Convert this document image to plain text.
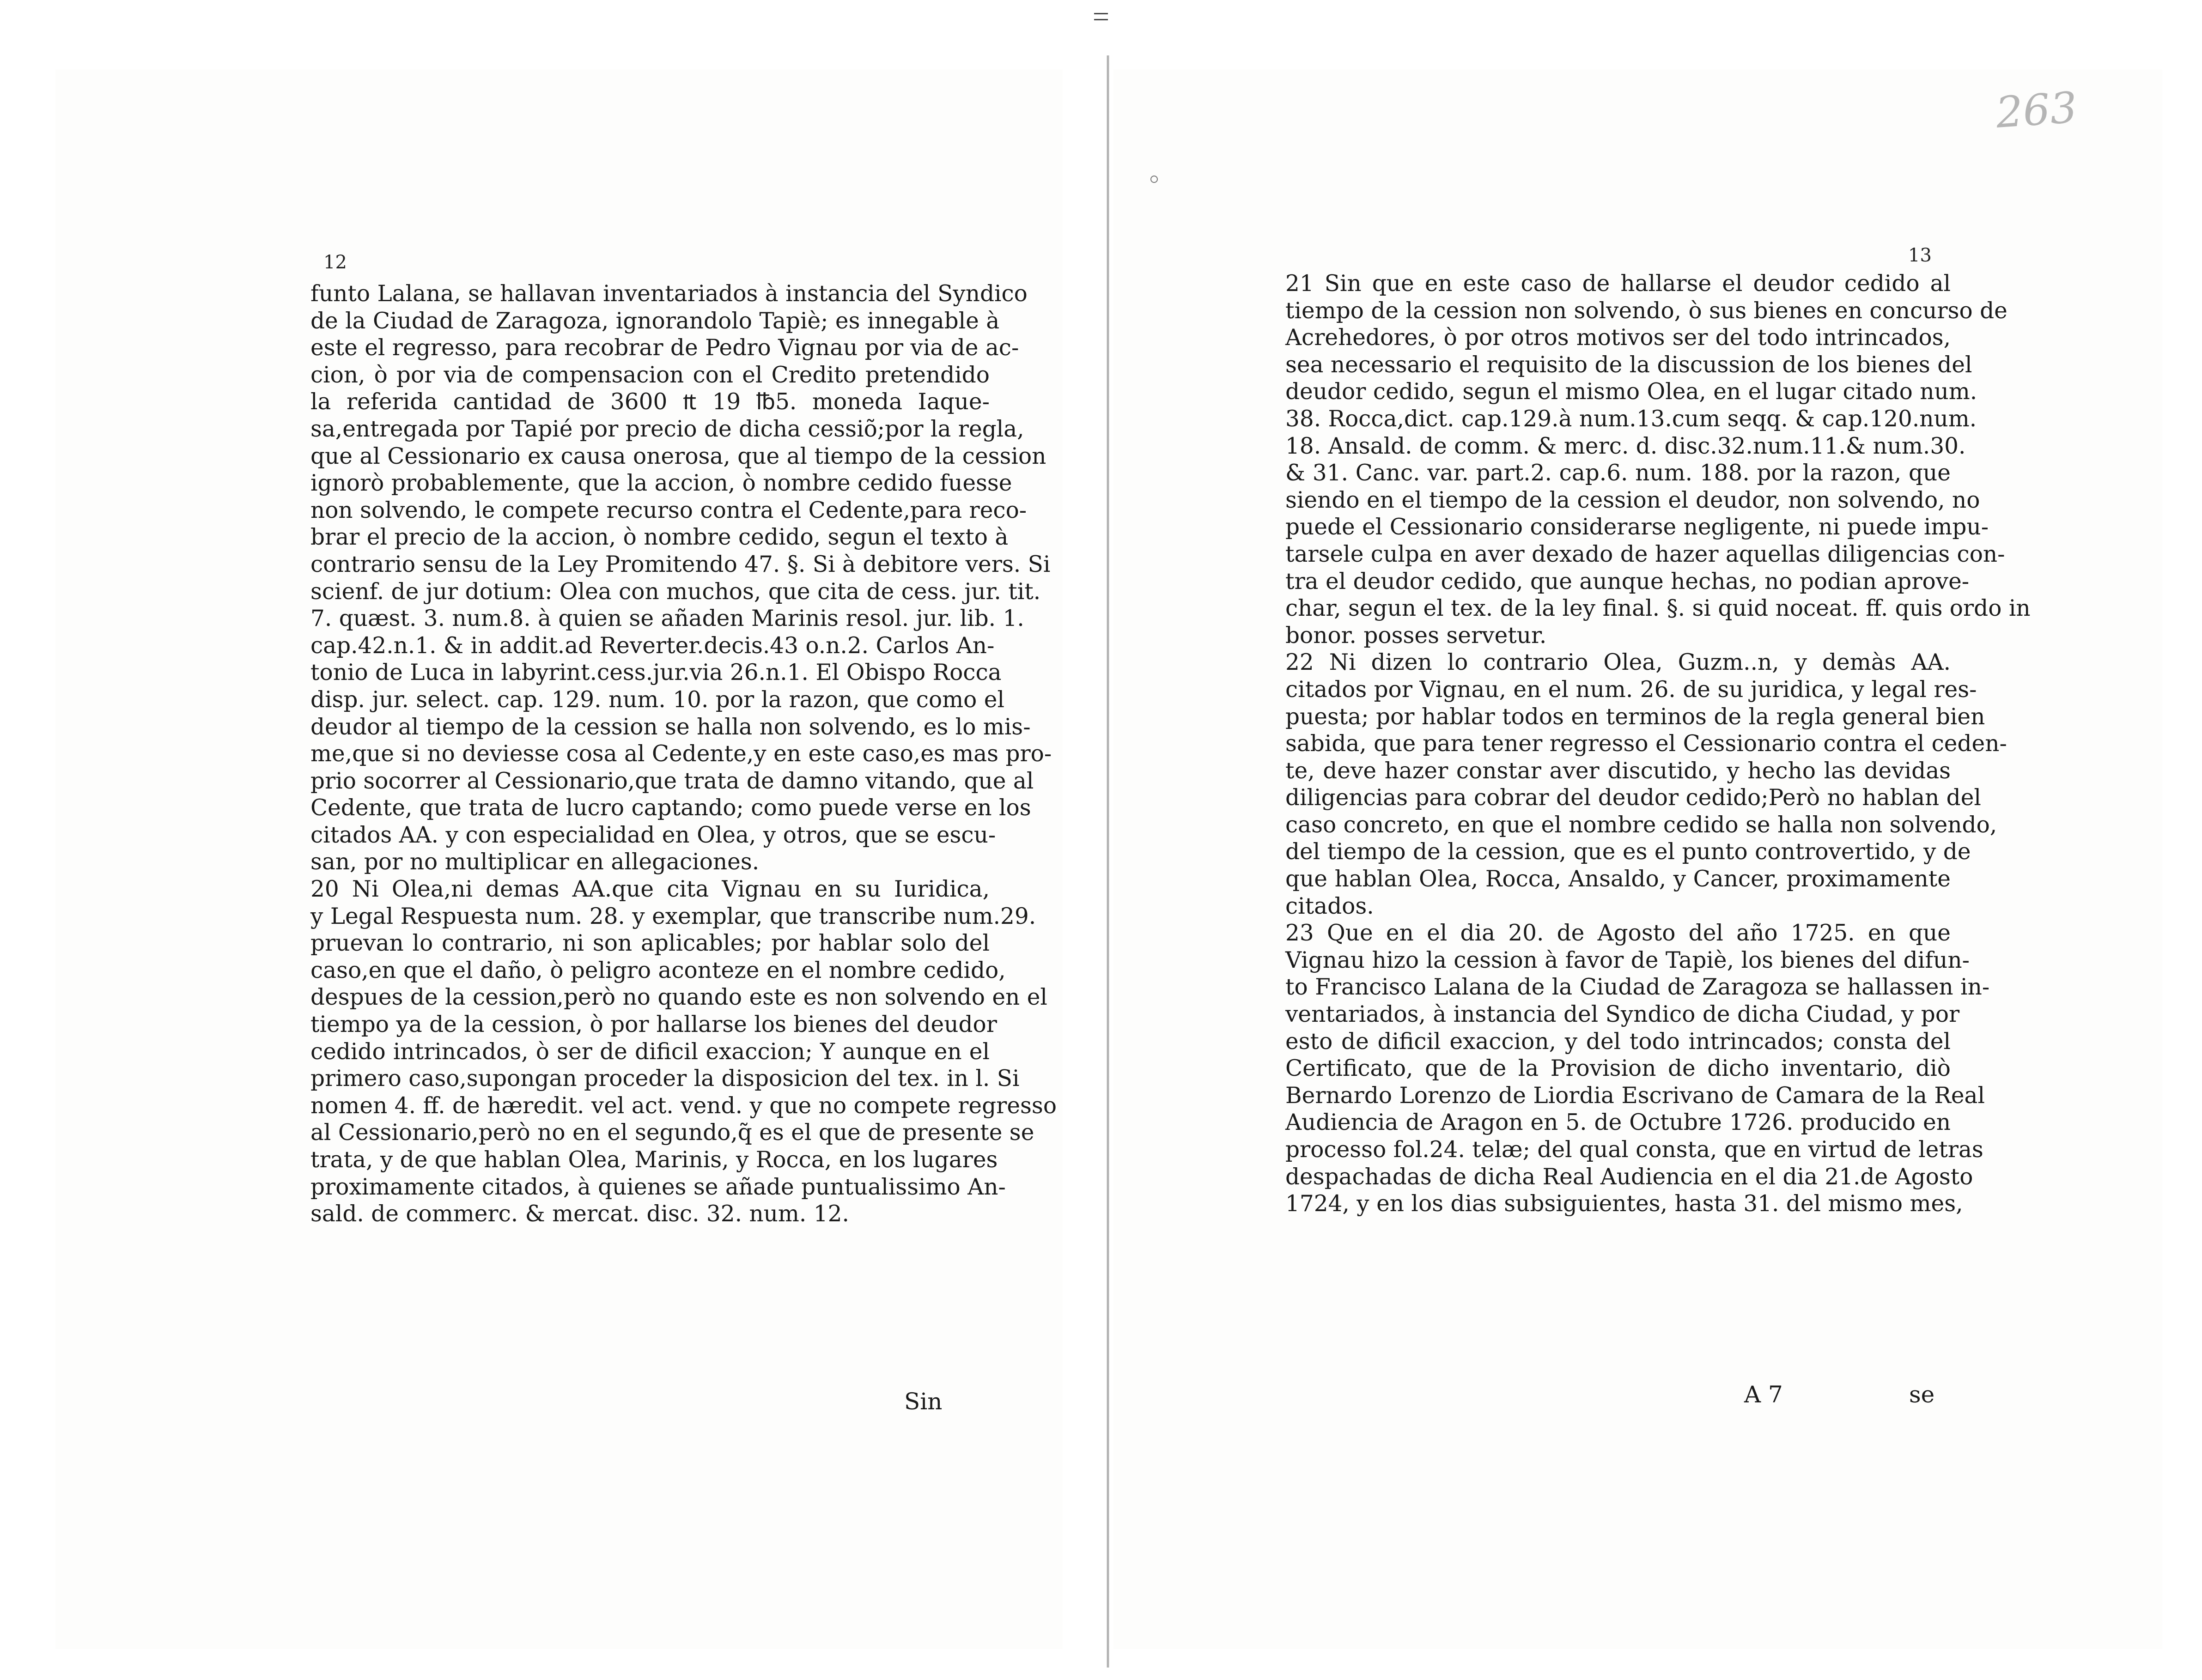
12	13
263
funto Lalana, se hallavan inventariados à instancia del Syndico
de la Ciudad de Zaragoza, ignorandolo Tapiè; es innegable à
este el regresso, para recobrar de Pedro Vignau por via de ac-
cion, ò por via de compensacion con el Credito pretendido
la referida cantidad de 3600 ₶ 19 ℔5. moneda Iaque-
sa,entregada por Tapié por precio de dicha cessiõ;por la regla,
que al Cessionario ex causa onerosa, que al tiempo de la cession
ignorò probablemente, que la accion, ò nombre cedido fuesse
non solvendo, le compete recurso contra el Cedente,para reco-
brar el precio de la accion, ò nombre cedido, segun el texto à
contrario sensu de la Ley Promitendo 47. §. Si à debitore vers. Si
scienf. de jur dotium: Olea con muchos, que cita de cess. jur. tit.
7. quæst. 3. num.8. à quien se añaden Marinis resol. jur. lib. 1.
cap.42.n.1. & in addit.ad Reverter.decis.43 o.n.2. Carlos An-
tonio de Luca in labyrint.cess.jur.via 26.n.1. El Obispo Rocca
disp. jur. select. cap. 129. num. 10. por la razon, que como el
deudor al tiempo de la cession se halla non solvendo, es lo mis-
me,que si no deviesse cosa al Cedente,y en este caso,es mas pro-
prio socorrer al Cessionario,que trata de damno vitando, que al
Cedente, que trata de lucro captando; como puede verse en los
citados AA. y con especialidad en Olea, y otros, que se escu-
san, por no multiplicar en allegaciones.
20 Ni Olea,ni demas AA.que cita Vignau en su Iuridica,
y Legal Respuesta num. 28. y exemplar, que transcribe num.29.
pruevan lo contrario, ni son aplicables; por hablar solo del
caso,en que el daño, ò peligro aconteze en el nombre cedido,
despues de la cession,però no quando este es non solvendo en el
tiempo ya de la cession, ò por hallarse los bienes del deudor
cedido intrincados, ò ser de dificil exaccion; Y aunque en el
primero caso,supongan proceder la disposicion del tex. in l. Si
nomen 4. ff. de hæredit. vel act. vend. y que no compete regresso
al Cessionario,però no en el segundo,q̃ es el que de presente se
trata, y de que hablan Olea, Marinis, y Rocca, en los lugares
proximamente citados, à quienes se añade puntualissimo An-
sald. de commerc. & mercat. disc. 32. num. 12.
21 Sin que en este caso de hallarse el deudor cedido al
tiempo de la cession non solvendo, ò sus bienes en concurso de
Acrehedores, ò por otros motivos ser del todo intrincados,
sea necessario el requisito de la discussion de los bienes del
deudor cedido, segun el mismo Olea, en el lugar citado num.
38. Rocca,dict. cap.129.à num.13.cum seqq. & cap.120.num.
18. Ansald. de comm. & merc. d. disc.32.num.11.& num.30.
& 31. Canc. var. part.2. cap.6. num. 188. por la razon, que
siendo en el tiempo de la cession el deudor, non solvendo, no
puede el Cessionario considerarse negligente, ni puede impu-
tarsele culpa en aver dexado de hazer aquellas diligencias con-
tra el deudor cedido, que aunque hechas, no podian aprove-
char, segun el tex. de la ley final. §. si quid noceat. ff. quis ordo in
bonor. posses servetur.
22 Ni dizen lo contrario Olea, Guzm..n, y demàs AA.
citados por Vignau, en el num. 26. de su juridica, y legal res-
puesta; por hablar todos en terminos de la regla general bien
sabida, que para tener regresso el Cessionario contra el ceden-
te, deve hazer constar aver discutido, y hecho las devidas
diligencias para cobrar del deudor cedido;Però no hablan del
caso concreto, en que el nombre cedido se halla non solvendo,
del tiempo de la cession, que es el punto controvertido, y de
que hablan Olea, Rocca, Ansaldo, y Cancer, proximamente
citados.
23 Que en el dia 20. de Agosto del año 1725. en que
Vignau hizo la cession à favor de Tapiè, los bienes del difun-
to Francisco Lalana de la Ciudad de Zaragoza se hallassen in-
ventariados, à instancia del Syndico de dicha Ciudad, y por
esto de dificil exaccion, y del todo intrincados; consta del
Certificato, que de la Provision de dicho inventario, diò
Bernardo Lorenzo de Liordia Escrivano de Camara de la Real
Audiencia de Aragon en 5. de Octubre 1726. producido en
processo fol.24. telæ; del qual consta, que en virtud de letras
despachadas de dicha Real Audiencia en el dia 21.de Agosto
1724, y en los dias subsiguientes, hasta 31. del mismo mes,
Sin	A 7	se
